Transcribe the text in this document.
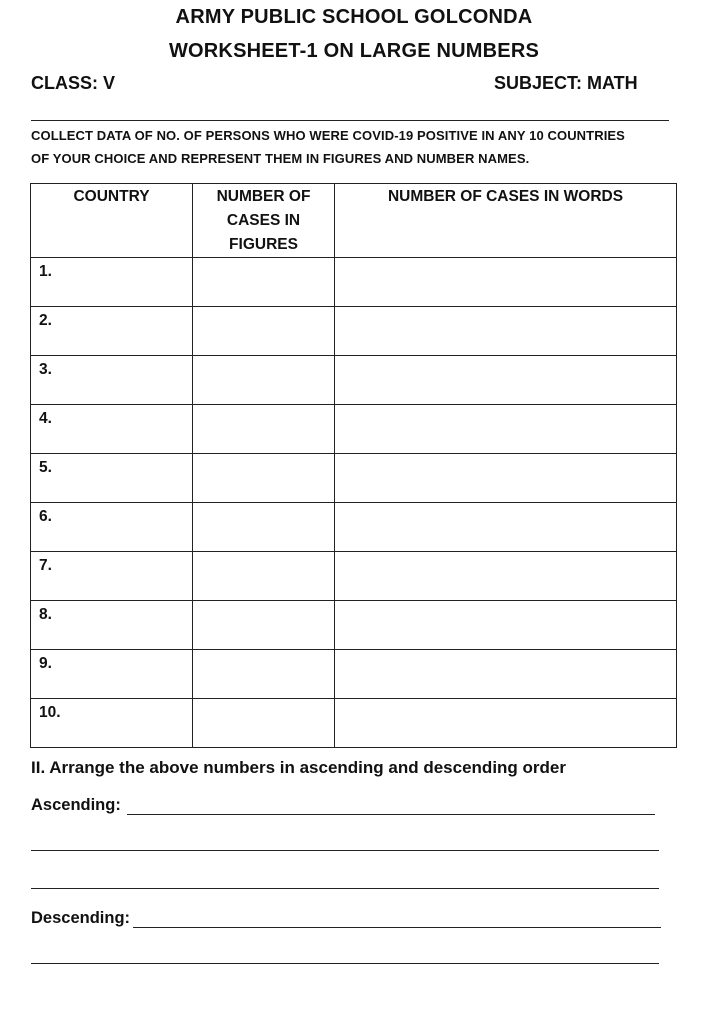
ARMY PUBLIC SCHOOL GOLCONDA
WORKSHEET-1 ON LARGE NUMBERS
CLASS: V	SUBJECT: MATH
COLLECT DATA OF NO. OF PERSONS WHO WERE COVID-19 POSITIVE IN ANY 10 COUNTRIES
OF YOUR CHOICE AND REPRESENT THEM IN FIGURES AND NUMBER NAMES.
COUNTRY	NUMBER OF CASES IN FIGURES	NUMBER OF CASES IN WORDS

1.		

2.		

3.		

4.		

5.		

6.		

7.		

8.		

9.		

10.		

II. Arrange the above numbers in ascending and descending order
Ascending:
Descending:
